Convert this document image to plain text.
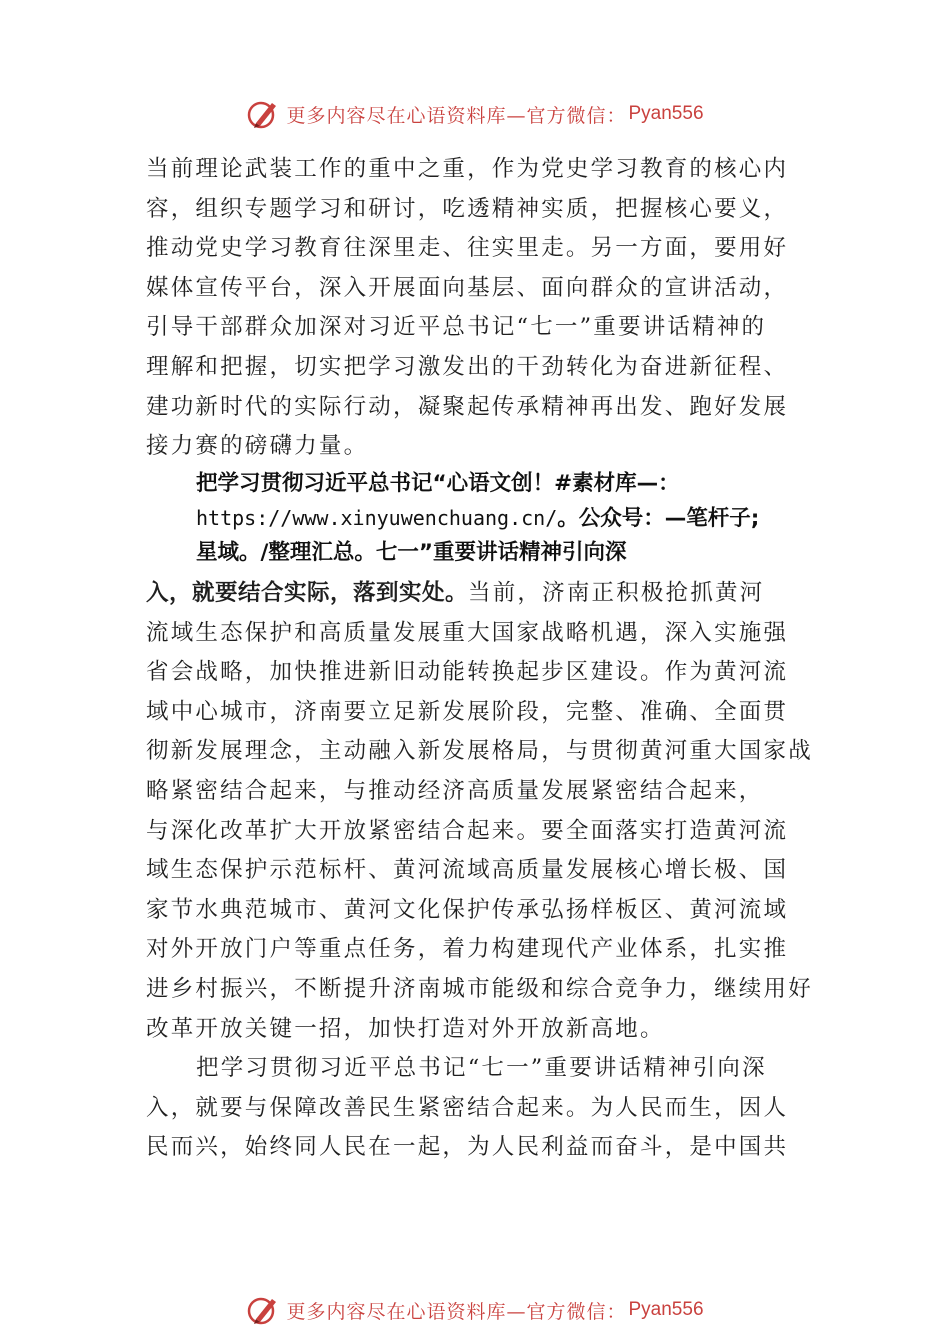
更多内容尽在心语资料库—官方微信： Pyan556
当前理论武装工作的重中之重，作为党史学习教育的核心内
容，组织专题学习和研讨，吃透精神实质，把握核心要义，
推动党史学习教育往深里走、往实里走。另一方面，要用好
媒体宣传平台，深入开展面向基层、面向群众的宣讲活动，
引导干部群众加深对习近平总书记“七一”重要讲话精神的
理解和把握，切实把学习激发出的干劲转化为奋进新征程、
建功新时代的实际行动，凝聚起传承精神再出发、跑好发展
接力赛的磅礴力量。
把学习贯彻习近平总书记“心语文创！#素材库—：
https://www.xinyuwenchuang.cn/。公众号：—笔杆子;
星域。/整理汇总。七一”重要讲话精神引向深
入，就要结合实际，落到实处。当前，济南正积极抢抓黄河
流域生态保护和高质量发展重大国家战略机遇，深入实施强
省会战略，加快推进新旧动能转换起步区建设。作为黄河流
域中心城市，济南要立足新发展阶段，完整、准确、全面贯
彻新发展理念，主动融入新发展格局，与贯彻黄河重大国家战
略紧密结合起来，与推动经济高质量发展紧密结合起来，
与深化改革扩大开放紧密结合起来。要全面落实打造黄河流
域生态保护示范标杆、黄河流域高质量发展核心增长极、国
家节水典范城市、黄河文化保护传承弘扬样板区、黄河流域
对外开放门户等重点任务，着力构建现代产业体系，扎实推
进乡村振兴，不断提升济南城市能级和综合竞争力，继续用好
改革开放关键一招，加快打造对外开放新高地。
把学习贯彻习近平总书记“七一”重要讲话精神引向深
入，就要与保障改善民生紧密结合起来。为人民而生，因人
民而兴，始终同人民在一起，为人民利益而奋斗，是中国共
更多内容尽在心语资料库—官方微信： Pyan556
